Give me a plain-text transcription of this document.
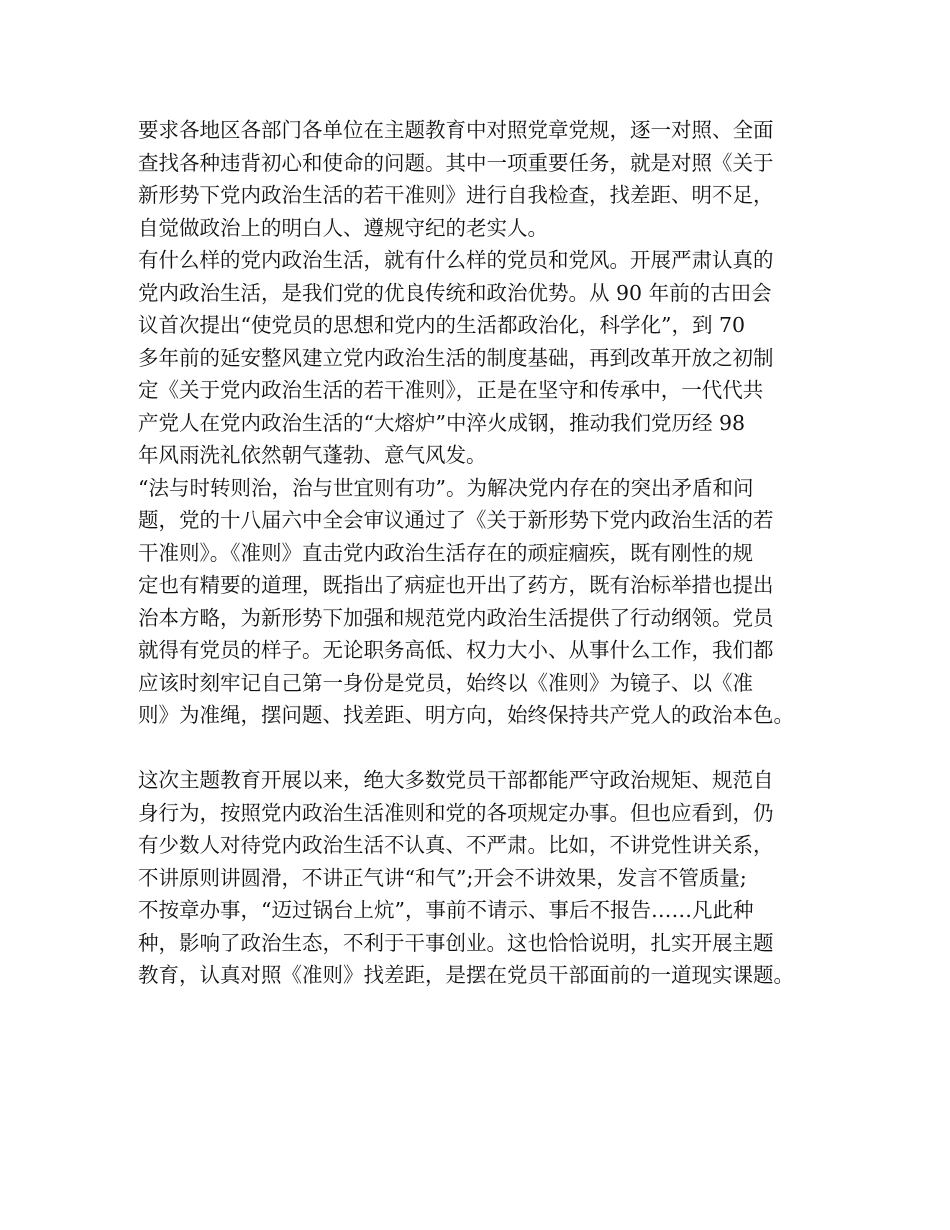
要求各地区各部门各单位在主题教育中对照党章党规，逐一对照、全面
查找各种违背初心和使命的问题。其中一项重要任务，就是对照《关于
新形势下党内政治生活的若干准则》进行自我检查，找差距、明不足，
自觉做政治上的明白人、遵规守纪的老实人。
有什么样的党内政治生活，就有什么样的党员和党风。开展严肃认真的
党内政治生活，是我们党的优良传统和政治优势。从 90 年前的古田会
议首次提出“使党员的思想和党内的生活都政治化，科学化”，到 70
多年前的延安整风建立党内政治生活的制度基础，再到改革开放之初制
定《关于党内政治生活的若干准则》，正是在坚守和传承中，一代代共
产党人在党内政治生活的“大熔炉”中淬火成钢，推动我们党历经 98
年风雨洗礼依然朝气蓬勃、意气风发。
“法与时转则治，治与世宜则有功”。为解决党内存在的突出矛盾和问
题，党的十八届六中全会审议通过了《关于新形势下党内政治生活的若
干准则》。《准则》直击党内政治生活存在的顽症痼疾，既有刚性的规
定也有精要的道理，既指出了病症也开出了药方，既有治标举措也提出
治本方略，为新形势下加强和规范党内政治生活提供了行动纲领。党员
就得有党员的样子。无论职务高低、权力大小、从事什么工作，我们都
应该时刻牢记自己第一身份是党员，始终以《准则》为镜子、以《准
则》为准绳，摆问题、找差距、明方向，始终保持共产党人的政治本色。
这次主题教育开展以来，绝大多数党员干部都能严守政治规矩、规范自
身行为，按照党内政治生活准则和党的各项规定办事。但也应看到，仍
有少数人对待党内政治生活不认真、不严肃。比如，不讲党性讲关系，
不讲原则讲圆滑，不讲正气讲“和气”;开会不讲效果，发言不管质量;
不按章办事，“迈过锅台上炕”，事前不请示、事后不报告……凡此种
种，影响了政治生态，不利于干事创业。这也恰恰说明，扎实开展主题
教育，认真对照《准则》找差距，是摆在党员干部面前的一道现实课题。
